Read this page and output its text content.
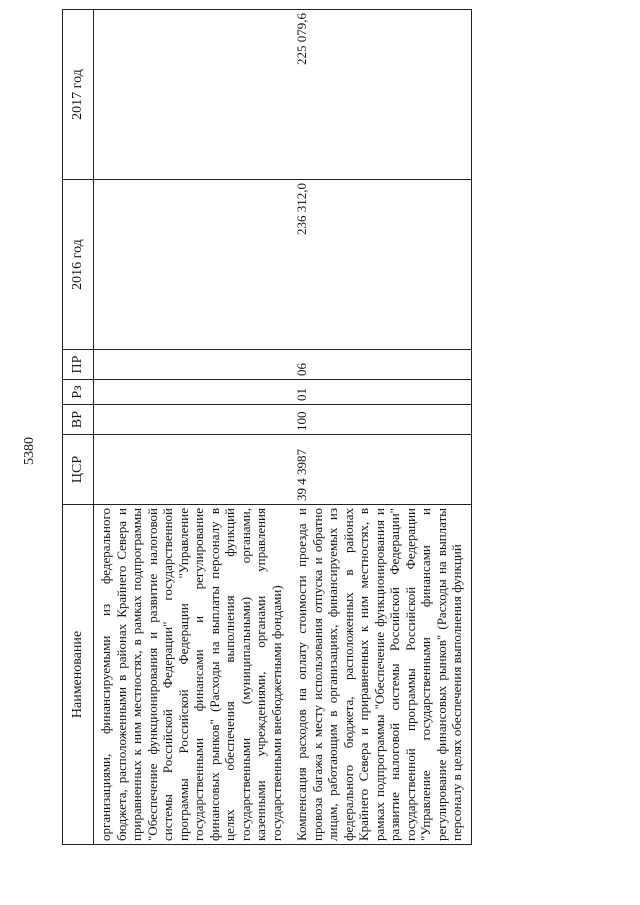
5380
Наименование	ЦСР	ВР	Рз	ПР	2016 год	2017 год
организациями, финансируемыми из федерального бюджета, расположенными в районах Крайнего Севера и приравненных к ним местностях, в рамках подпрограммы "Обеспечение функционирования и развитие налоговой системы Российской Федерации" государственной программы Российской Федерации "Управление государственными финансами и регулирование финансовых рынков" (Расходы на выплаты персоналу в целях обеспечения выполнения функций государственными (муниципальными) органами, казенными учреждениями, органами управления государственными внебюджетными фондами)						
Компенсация расходов на оплату стоимости проезда и провоза багажа к месту использования отпуска и обратно лицам, работающим в организациях, финансируемых из федерального бюджета, расположенных в районах Крайнего Севера и приравненных к ним местностях, в рамках подпрограммы "Обеспечение функционирования и развитие налоговой системы Российской Федерации" государственной программы Российской Федерации "Управление государственными финансами и регулирование финансовых рынков" (Расходы на выплаты персоналу в целях обеспечения выполнения функций	39 4 3987	100	01	06	236 312,0	225 079,6
